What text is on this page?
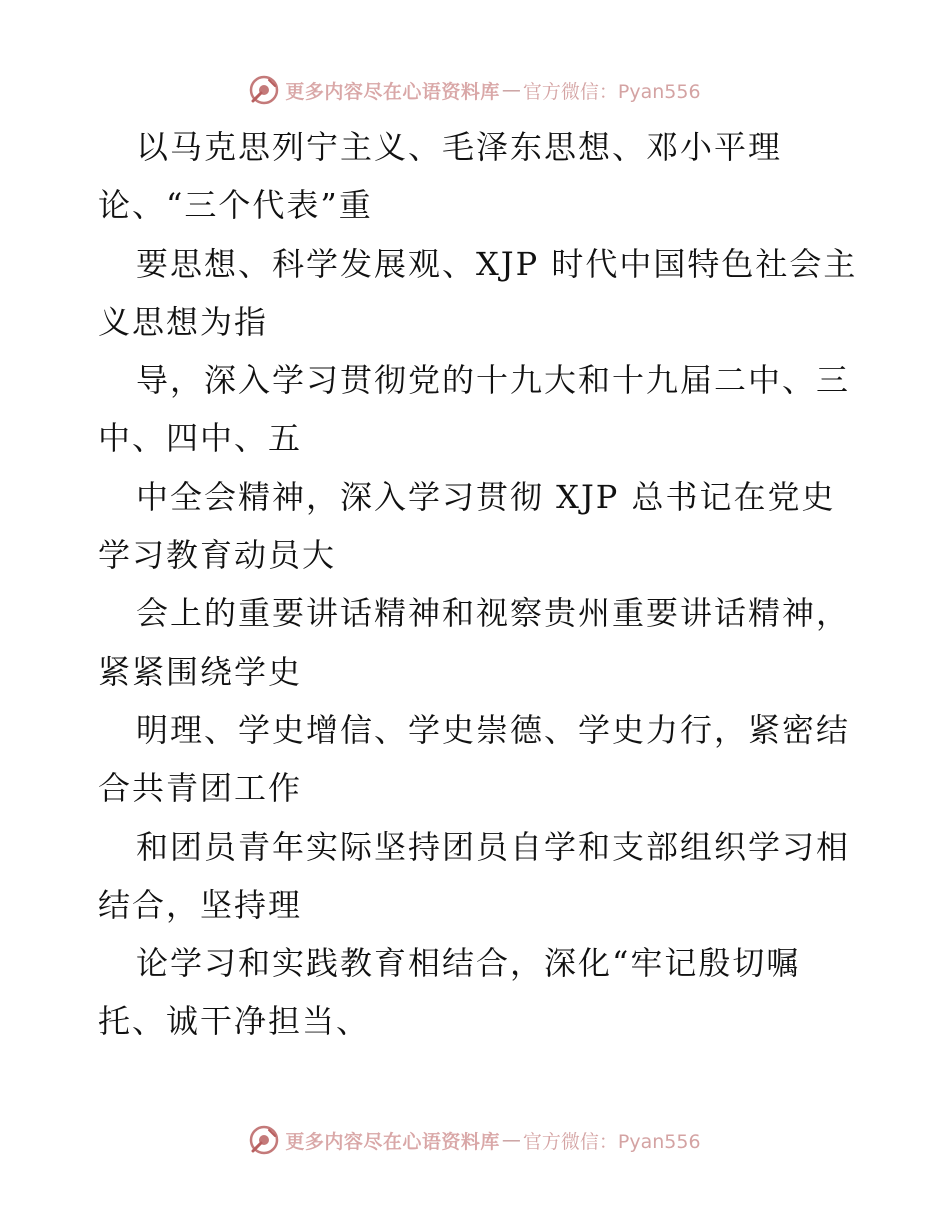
更多内容尽在心语资料库 — 官方微信：Pyan556
以马克思列宁主义、毛泽东思想、邓小平理
论、“三个代表”重
要思想、科学发展观、XJP 时代中国特色社会主
义思想为指
导，深入学习贯彻党的十九大和十九届二中、三
中、四中、五
中全会精神，深入学习贯彻 XJP 总书记在党史
学习教育动员大
会上的重要讲话精神和视察贵州重要讲话精神，
紧紧围绕学史
明理、学史增信、学史崇德、学史力行，紧密结
合共青团工作
和团员青年实际坚持团员自学和支部组织学习相
结合，坚持理
论学习和实践教育相结合，深化“牢记殷切嘱
托、诚干净担当、
更多内容尽在心语资料库 — 官方微信：Pyan556
